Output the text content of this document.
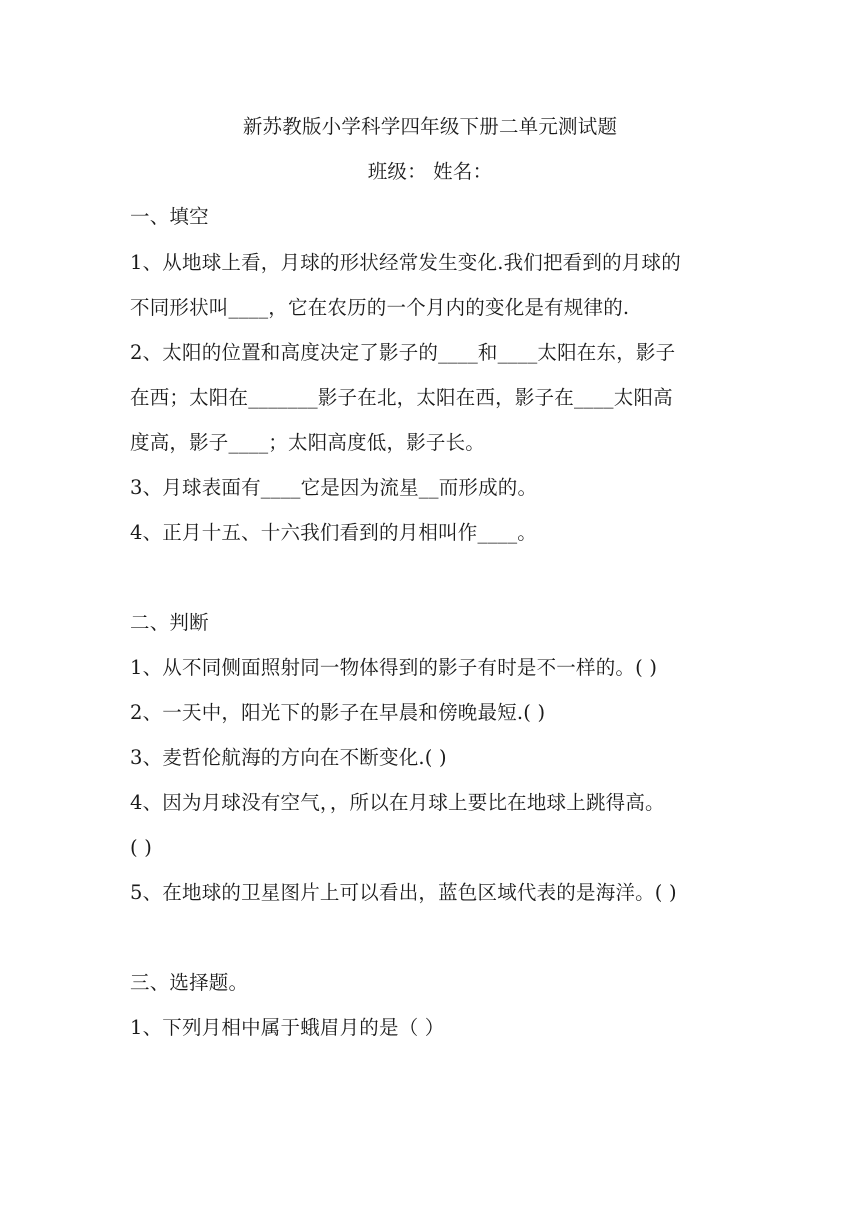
新苏教版小学科学四年级下册二单元测试题
班级： 姓名：
一、填空
1、从地球上看，月球的形状经常发生变化.我们把看到的月球的
不同形状叫____，它在农历的一个月内的变化是有规律的.
2、太阳的位置和高度决定了影子的____和____太阳在东，影子
在西；太阳在_______影子在北，太阳在西，影子在____太阳高
度高，影子____；太阳高度低，影子长。
3、月球表面有____它是因为流星__而形成的。
4、正月十五、十六我们看到的月相叫作____。
二、判断
1、从不同侧面照射同一物体得到的影子有时是不一样的。( )
2、一天中，阳光下的影子在早晨和傍晚最短.( )
3、麦哲伦航海的方向在不断变化.( )
4、因为月球没有空气，，所以在月球上要比在地球上跳得高。
( )
5、在地球的卫星图片上可以看出，蓝色区域代表的是海洋。( )
三、选择题。
1、下列月相中属于蛾眉月的是（ ）
